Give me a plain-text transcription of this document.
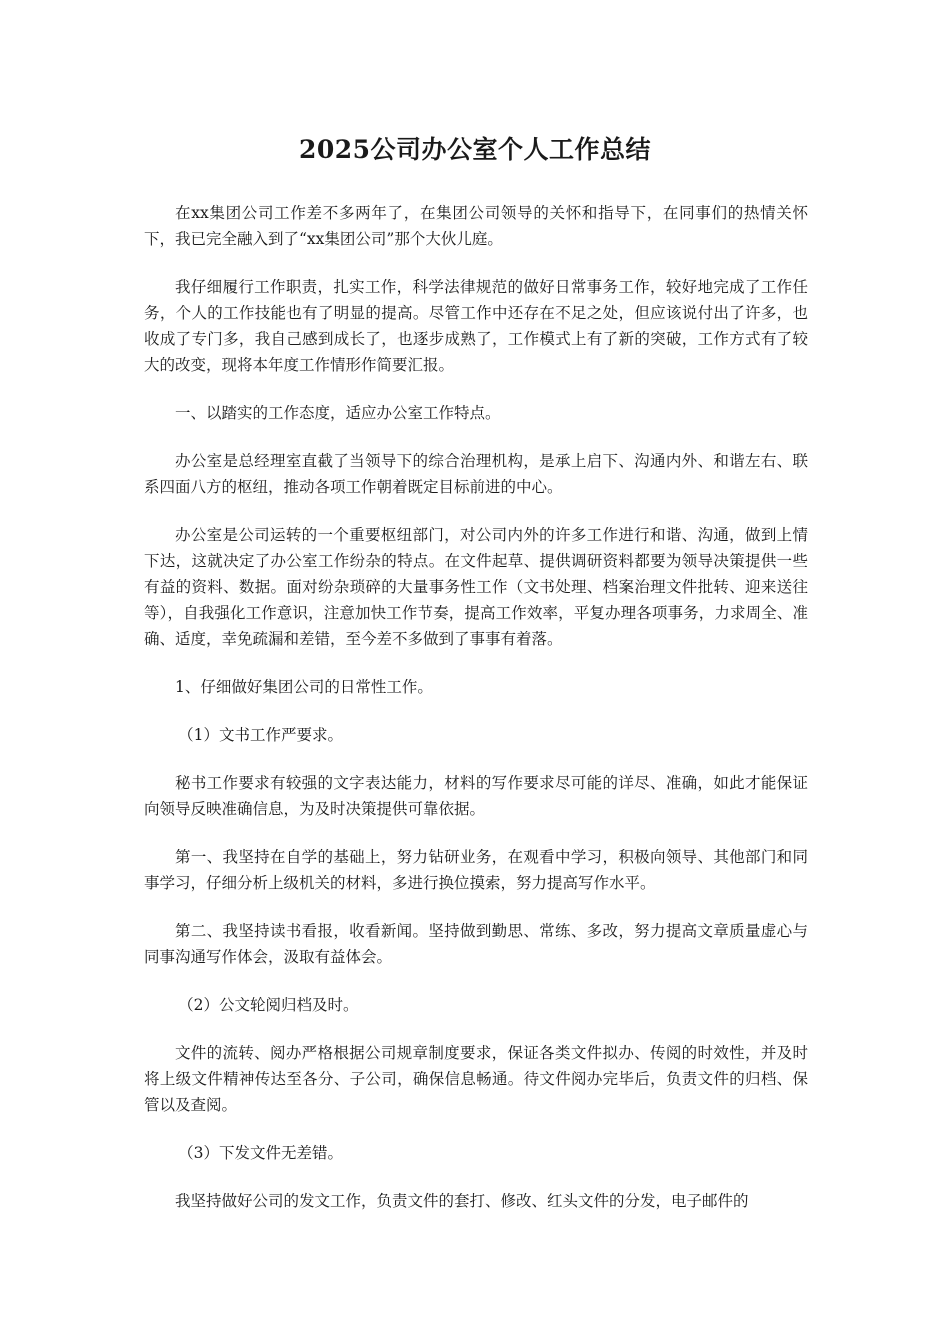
2025公司办公室个人工作总结

在xx集团公司工作差不多两年了，在集团公司领导的关怀和指导下，在同事们的热情关怀下，我已完全融入到了“xx集团公司”那个大伙儿庭。

我仔细履行工作职责，扎实工作，科学法律规范的做好日常事务工作，较好地完成了工作任务，个人的工作技能也有了明显的提高。尽管工作中还存在不足之处，但应该说付出了许多，也收成了专门多，我自己感到成长了，也逐步成熟了，工作模式上有了新的突破，工作方式有了较大的改变，现将本年度工作情形作简要汇报。

一、以踏实的工作态度，适应办公室工作特点。

办公室是总经理室直截了当领导下的综合治理机构，是承上启下、沟通内外、和谐左右、联系四面八方的枢纽，推动各项工作朝着既定目标前进的中心。

办公室是公司运转的一个重要枢纽部门，对公司内外的许多工作进行和谐、沟通，做到上情下达，这就决定了办公室工作纷杂的特点。在文件起草、提供调研资料都要为领导决策提供一些有益的资料、数据。面对纷杂琐碎的大量事务性工作（文书处理、档案治理文件批转、迎来送往等），自我强化工作意识，注意加快工作节奏，提高工作效率，平复办理各项事务，力求周全、准确、适度，幸免疏漏和差错，至今差不多做到了事事有着落。

1、仔细做好集团公司的日常性工作。

（1）文书工作严要求。

秘书工作要求有较强的文字表达能力，材料的写作要求尽可能的详尽、准确，如此才能保证向领导反映准确信息，为及时决策提供可靠依据。

第一、我坚持在自学的基础上，努力钻研业务，在观看中学习，积极向领导、其他部门和同事学习，仔细分析上级机关的材料，多进行换位摸索，努力提高写作水平。

第二、我坚持读书看报，收看新闻。坚持做到勤思、常练、多改，努力提高文章质量虚心与同事沟通写作体会，汲取有益体会。

（2）公文轮阅归档及时。

文件的流转、阅办严格根据公司规章制度要求，保证各类文件拟办、传阅的时效性，并及时将上级文件精神传达至各分、子公司，确保信息畅通。待文件阅办完毕后，负责文件的归档、保管以及查阅。

（3）下发文件无差错。

我坚持做好公司的发文工作，负责文件的套打、修改、红头文件的分发，电子邮件的
